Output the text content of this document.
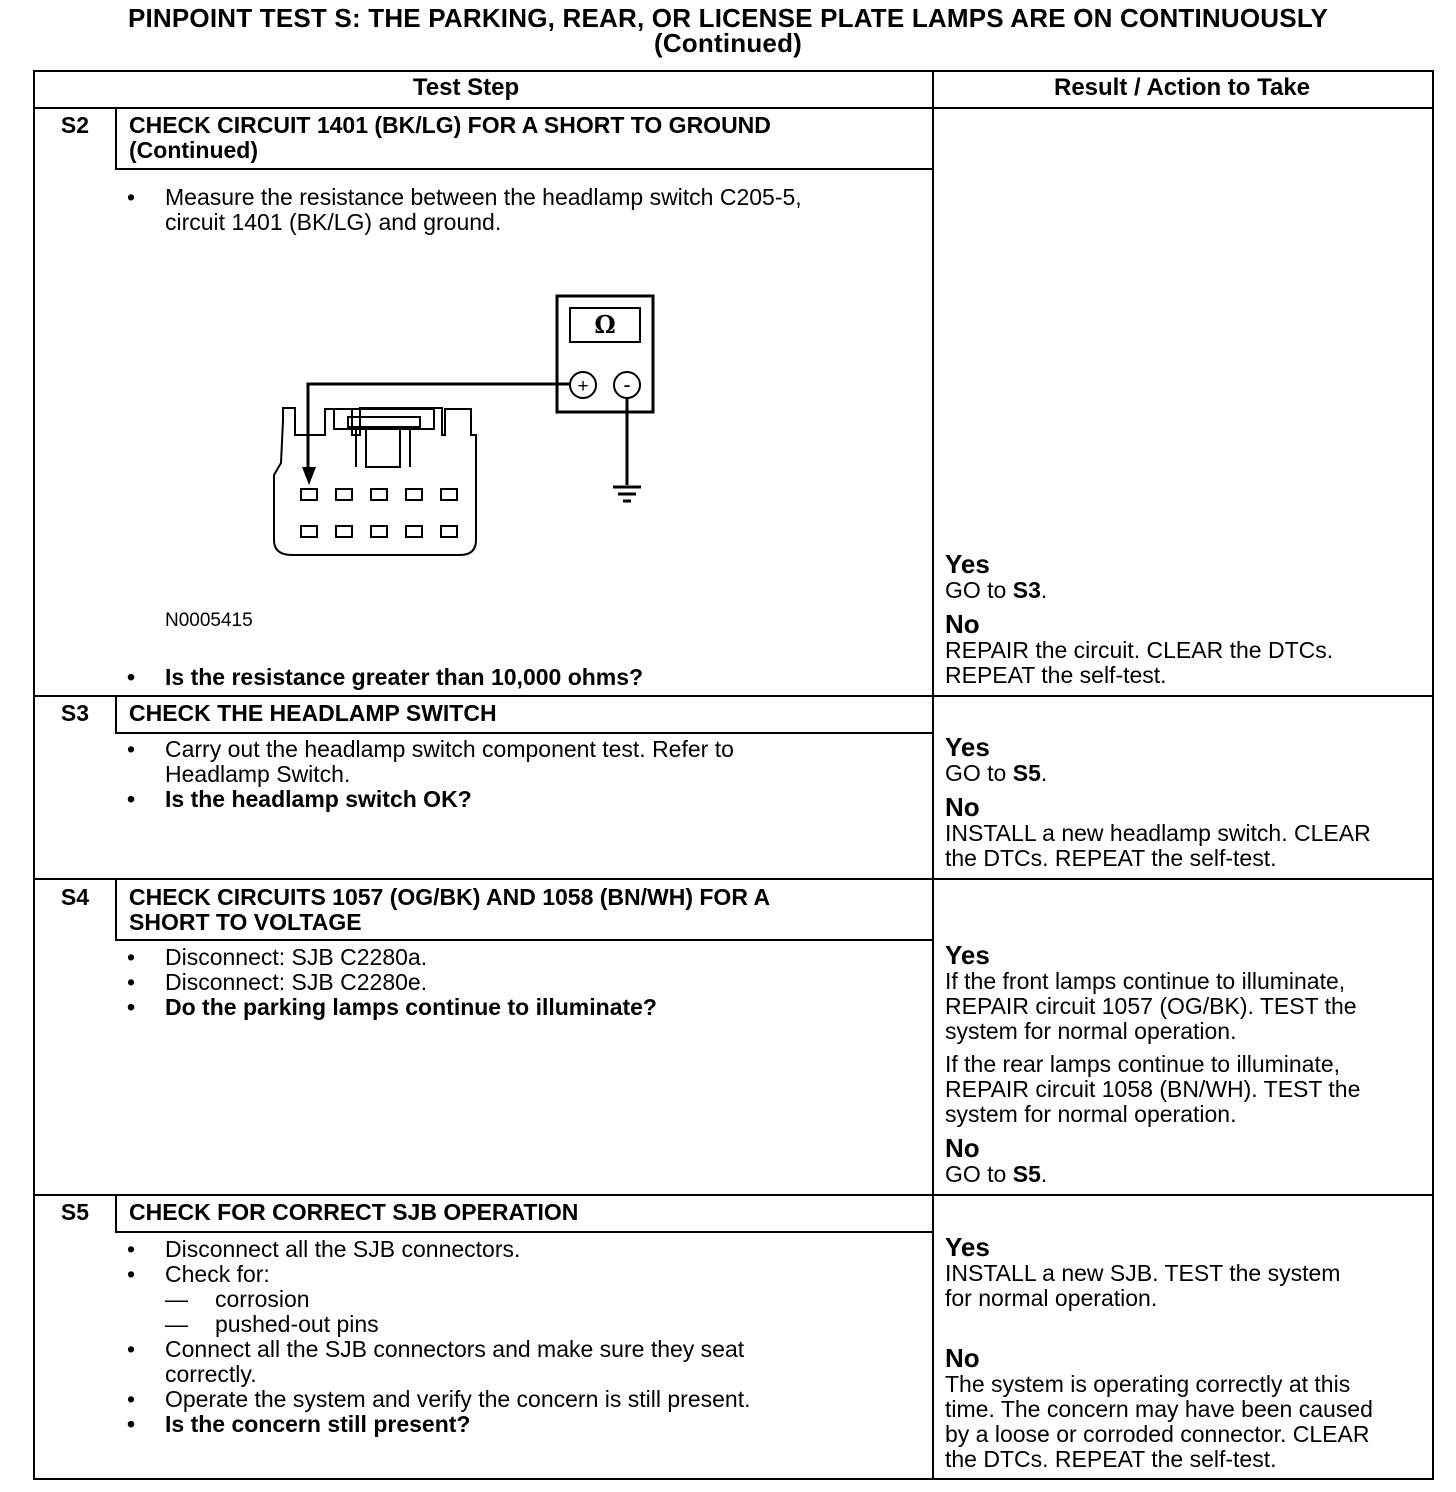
PINPOINT TEST S: THE PARKING, REAR, OR LICENSE PLATE LAMPS ARE ON CONTINUOUSLY
(Continued)
Test Step	Result / Action to Take
S2	CHECK CIRCUIT 1401 (BK/LG) FOR A SHORT TO GROUND
(Continued)
• Measure the resistance between the headlamp switch C205-5,
circuit 1401 (BK/LG) and ground.
Ω
+ -
N0005415
• Is the resistance greater than 10,000 ohms?

Yes
GO to S3.

No
REPAIR the circuit. CLEAR the DTCs.
REPEAT the self-test.

S3	CHECK THE HEADLAMP SWITCH
• Carry out the headlamp switch component test. Refer to
Headlamp Switch.
• Is the headlamp switch OK?

Yes
GO to S5.

No
INSTALL a new headlamp switch. CLEAR
the DTCs. REPEAT the self-test.

S4	CHECK CIRCUITS 1057 (OG/BK) AND 1058 (BN/WH) FOR A
SHORT TO VOLTAGE
• Disconnect: SJB C2280a.
• Disconnect: SJB C2280e.
• Do the parking lamps continue to illuminate?

Yes
If the front lamps continue to illuminate,
REPAIR circuit 1057 (OG/BK). TEST the
system for normal operation.

If the rear lamps continue to illuminate,
REPAIR circuit 1058 (BN/WH). TEST the
system for normal operation.

No
GO to S5.

S5	CHECK FOR CORRECT SJB OPERATION
• Disconnect all the SJB connectors.
• Check for:
— corrosion
— pushed-out pins
• Connect all the SJB connectors and make sure they seat
correctly.
• Operate the system and verify the concern is still present.
• Is the concern still present?

Yes
INSTALL a new SJB. TEST the system
for normal operation.

No
The system is operating correctly at this
time. The concern may have been caused
by a loose or corroded connector. CLEAR
the DTCs. REPEAT the self-test.
